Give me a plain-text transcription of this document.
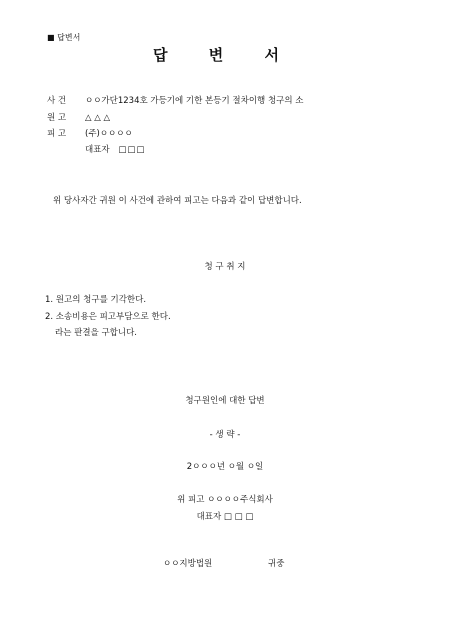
■ 답변서
답 변 서
사 건 ㅇㅇ가단1234호 가등기에 기한 본등기 절차이행 청구의 소
원 고 △ △ △
피 고 (주)ㅇㅇㅇㅇ
대표자 □□□
위 당사자간 귀원 이 사건에 관하여 피고는 다음과 같이 답변합니다.
청 구 취 지
1. 원고의 청구를 기각한다.
2. 소송비용은 피고부담으로 한다.
라는 판결을 구합니다.
청구원인에 대한 답변
- 생 략 -
2ㅇㅇㅇ년 ㅇ월 ㅇ일
위 피고 ㅇㅇㅇㅇ주식회사
대표자 □ □ □
ㅇㅇ지방법원	귀중
